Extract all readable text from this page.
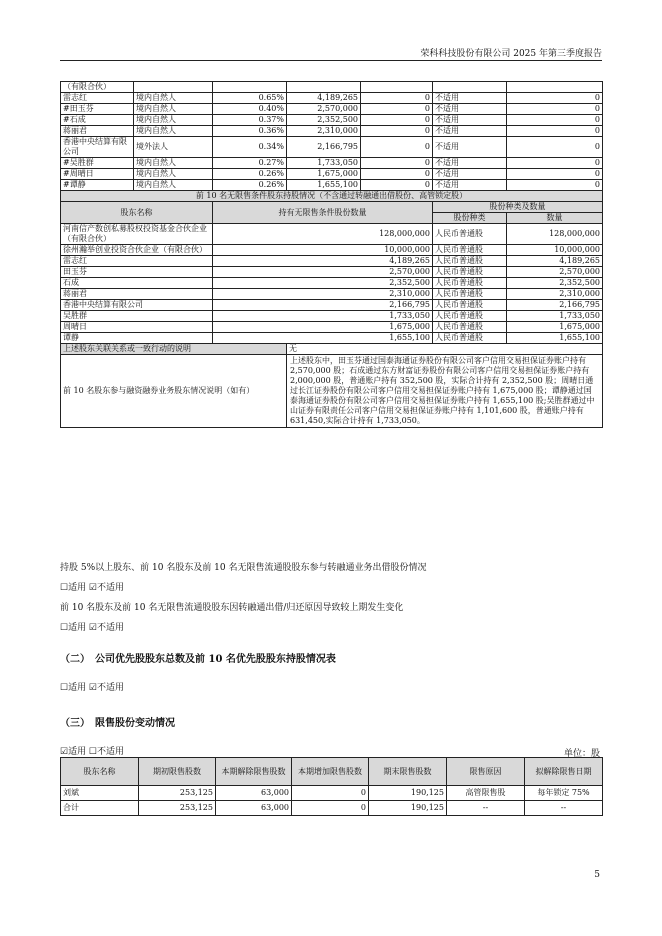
荣科科技股份有限公司 2025 年第三季度报告
（有限合伙）						
雷志红	境内自然人	0.65%	4,189,265	0	不适用	0
#田玉芬	境内自然人	0.40%	2,570,000	0	不适用	0
#石成	境内自然人	0.37%	2,352,500	0	不适用	0
蒋丽君	境内自然人	0.36%	2,310,000	0	不适用	0
香港中央结算有限公司	境外法人	0.34%	2,166,795	0	不适用	0
#吴胜群	境内自然人	0.27%	1,733,050	0	不适用	0
#周晴日	境内自然人	0.26%	1,675,000	0	不适用	0
#谭静	境内自然人	0.26%	1,655,100	0	不适用	0
前 10 名无限售条件股东持股情况（不含通过转融通出借股份、高管锁定股）						
股东名称		持有无限售条件股份数量			股份种类及数量	
					股份种类	数量
河南信产数创私募股权投资基金合伙企业（有限合伙）		128,000,000			人民币普通股	128,000,000
徐州瀚举创业投资合伙企业（有限合伙）		10,000,000			人民币普通股	10,000,000
雷志红		4,189,265			人民币普通股	4,189,265
田玉芬		2,570,000			人民币普通股	2,570,000
石成		2,352,500			人民币普通股	2,352,500
蒋丽君		2,310,000			人民币普通股	2,310,000
香港中央结算有限公司		2,166,795			人民币普通股	2,166,795
吴胜群		1,733,050			人民币普通股	1,733,050
周晴日		1,675,000			人民币普通股	1,675,000
谭静		1,655,100			人民币普通股	1,655,100
上述股东关联关系或一致行动的说明			无			
前 10 名股东参与融资融券业务股东情况说明（如有）			上述股东中，田玉芬通过国泰海通证券股份有限公司客户信用交易担保证券账户持有 2,570,000 股；石成通过东方财富证券股份有限公司客户信用交易担保证券账户持有 2,000,000 股，普通账户持有 352,500 股，实际合计持有 2,352,500 股；周晴日通过长江证券股份有限公司客户信用交易担保证券账户持有 1,675,000 股；谭静通过国泰海通证券股份有限公司客户信用交易担保证券账户持有 1,655,100 股;吴胜群通过中山证券有限责任公司客户信用交易担保证券账户持有 1,101,600 股，普通账户持有 631,450,实际合计持有 1,733,050。			
持股 5%以上股东、前 10 名股东及前 10 名无限售流通股股东参与转融通业务出借股份情况
☐适用 ☑不适用
前 10 名股东及前 10 名无限售流通股股东因转融通出借/归还原因导致较上期发生变化
☐适用 ☑不适用
（二）　公司优先股股东总数及前 10 名优先股股东持股情况表
☐适用 ☑不适用
（三）　限售股份变动情况
☑适用 ☐不适用	单位：股
股东名称	期初限售股数	本期解除限售股数	本期增加限售股数	期末限售股数	限售原因	拟解除限售日期
刘斌	253,125	63,000	0	190,125	高管限售股	每年锁定 75%
合计	253,125	63,000	0	190,125	--	--
5
